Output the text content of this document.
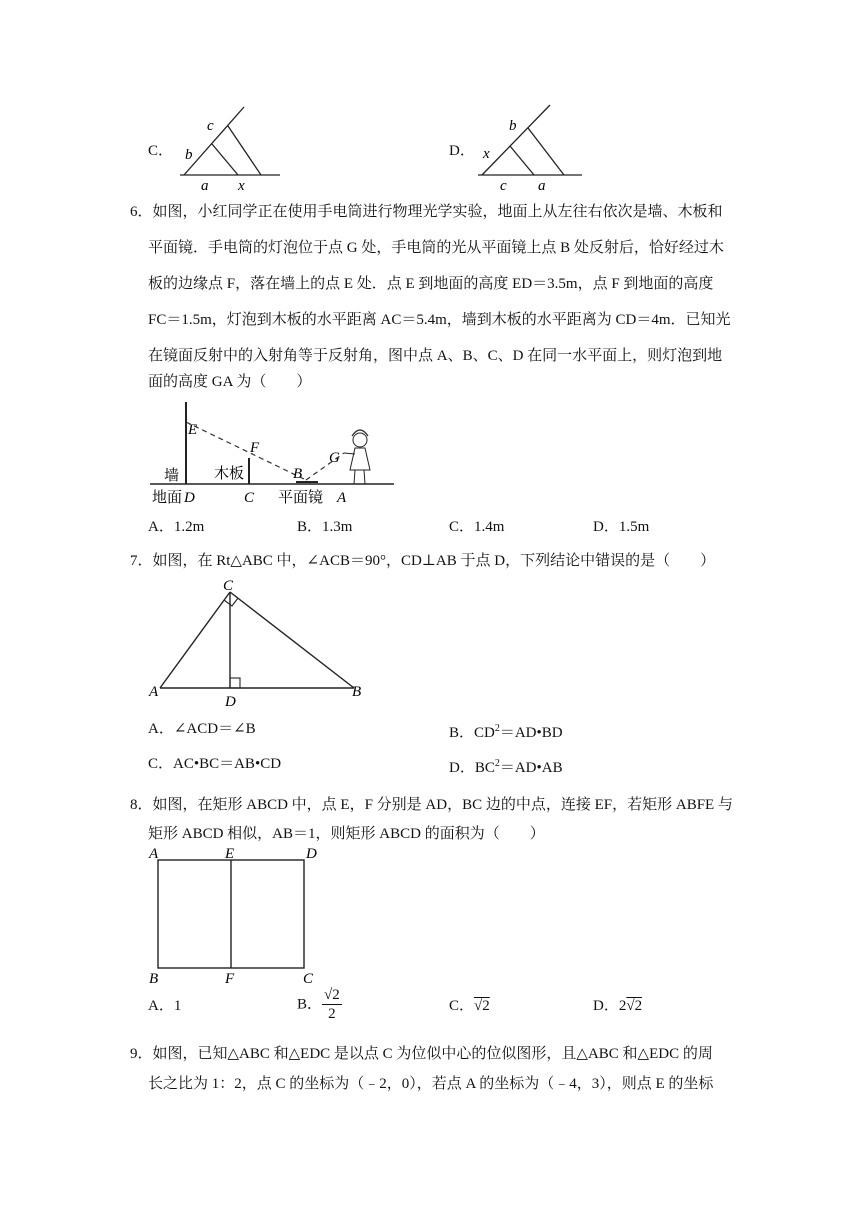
C．
c
b
a x
D．
b
x
c a
6．如图，小红同学正在使用手电筒进行物理光学实验，地面上从左往右依次是墙、木板和
平面镜．手电筒的灯泡位于点 G 处，手电筒的光从平面镜上点 B 处反射后，恰好经过木
板的边缘点 F，落在墙上的点 E 处．点 E 到地面的高度 ED＝3.5m，点 F 到地面的高度
FC＝1.5m，灯泡到木板的水平距离 AC＝5.4m，墙到木板的水平距离为 CD＝4m．已知光
在镜面反射中的入射角等于反射角，图中点 A、B、C、D 在同一水平面上，则灯泡到地
面的高度 GA 为（　　）
E
F
B
G
墙 木板
地面 D	C 平面镜 A
A．1.2m	B．1.3m	C．1.4m	D．1.5m
7．如图，在 Rt△ABC 中，∠ACB＝90°，CD⊥AB 于点 D，下列结论中错误的是（　　）
C
A	B
D
A．∠ACD＝∠B	B．$CD^2=AD•BD$
C．AC•BC＝AB•CD	D．$BC^2=AD•AB$
8．如图，在矩形 ABCD 中，点 E，F 分别是 AD，BC 边的中点，连接 EF，若矩形 ABFE 与
矩形 ABCD 相似，AB＝1，则矩形 ABCD 的面积为（　　）
A	E	D
B	F	C
A．1	B． $\frac{√2}{2}$	C．√2	D．2√2
9．如图，已知△ABC 和△EDC 是以点 C 为位似中心的位似图形，且△ABC 和△EDC 的周
长之比为 1：2，点 C 的坐标为（﹣2，0），若点 A 的坐标为（﹣4，3），则点 E 的坐标
